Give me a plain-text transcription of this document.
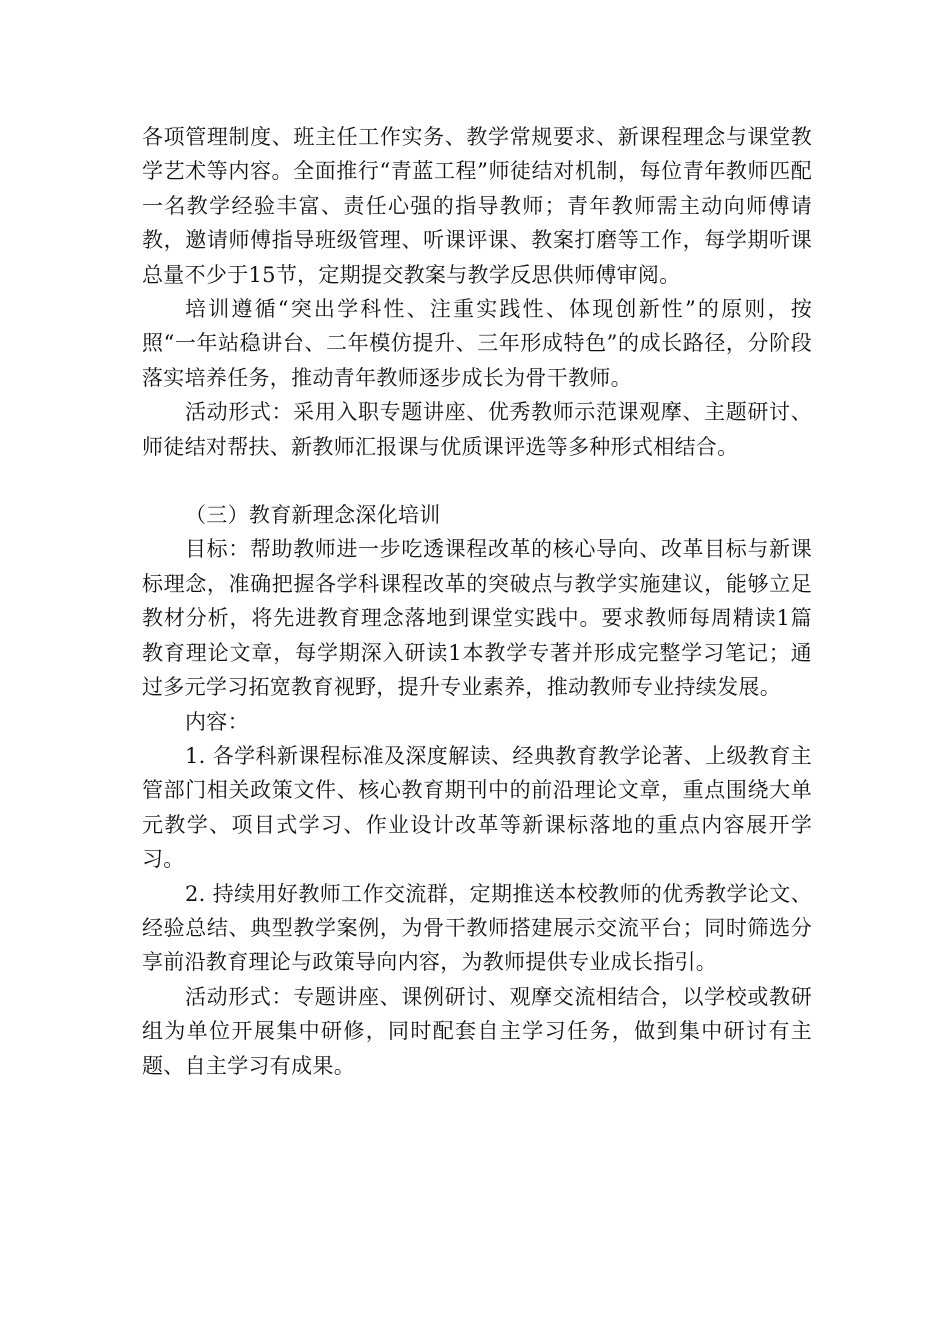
各项管理制度、班主任工作实务、教学常规要求、新课程理念与课堂教学艺术等内容。全面推行“青蓝工程”师徒结对机制，每位青年教师匹配一名教学经验丰富、责任心强的指导教师；青年教师需主动向师傅请教，邀请师傅指导班级管理、听课评课、教案打磨等工作，每学期听课总量不少于15节，定期提交教案与教学反思供师傅审阅。

培训遵循“突出学科性、注重实践性、体现创新性”的原则，按照“一年站稳讲台、二年模仿提升、三年形成特色”的成长路径，分阶段落实培养任务，推动青年教师逐步成长为骨干教师。

活动形式：采用入职专题讲座、优秀教师示范课观摩、主题研讨、师徒结对帮扶、新教师汇报课与优质课评选等多种形式相结合。

（三）教育新理念深化培训

目标：帮助教师进一步吃透课程改革的核心导向、改革目标与新课标理念，准确把握各学科课程改革的突破点与教学实施建议，能够立足教材分析，将先进教育理念落地到课堂实践中。要求教师每周精读1篇教育理论文章，每学期深入研读1本教学专著并形成完整学习笔记；通过多元学习拓宽教育视野，提升专业素养，推动教师专业持续发展。

内容：

1. 各学科新课程标准及深度解读、经典教育教学论著、上级教育主管部门相关政策文件、核心教育期刊中的前沿理论文章，重点围绕大单元教学、项目式学习、作业设计改革等新课标落地的重点内容展开学习。

2. 持续用好教师工作交流群，定期推送本校教师的优秀教学论文、经验总结、典型教学案例，为骨干教师搭建展示交流平台；同时筛选分享前沿教育理论与政策导向内容，为教师提供专业成长指引。

活动形式：专题讲座、课例研讨、观摩交流相结合，以学校或教研组为单位开展集中研修，同时配套自主学习任务，做到集中研讨有主题、自主学习有成果。
